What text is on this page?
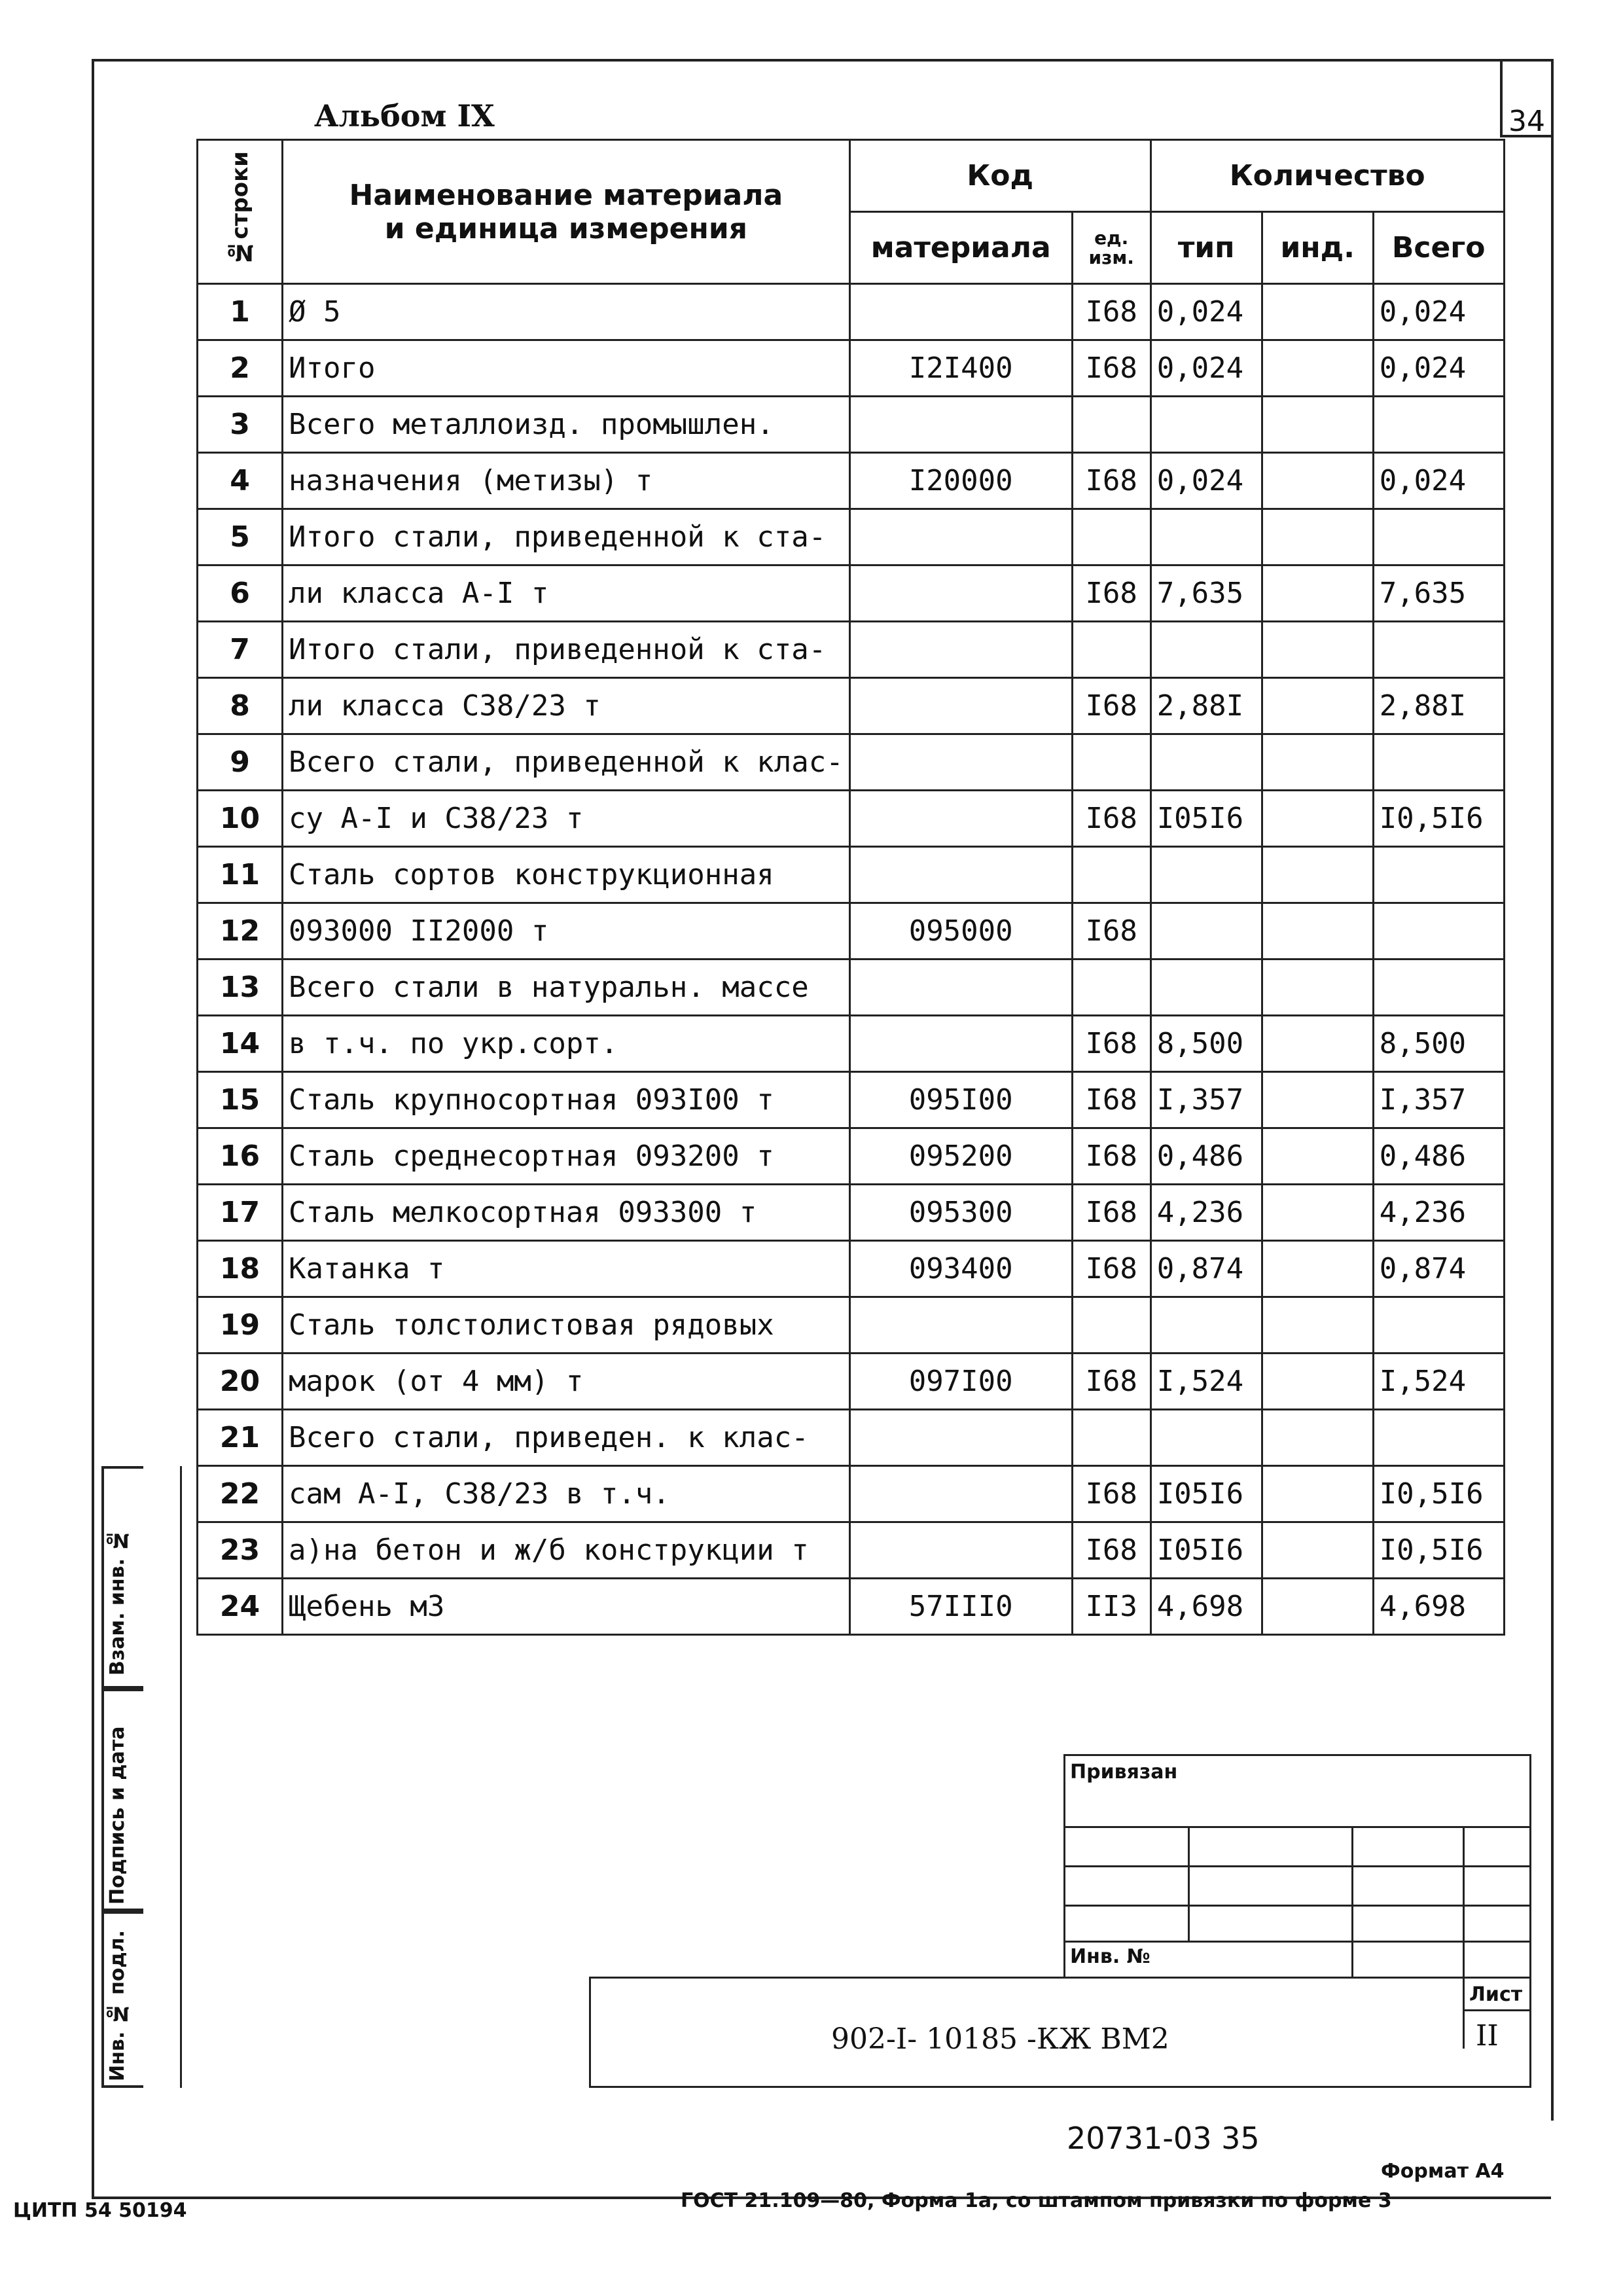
Альбом IX	34
№строки	Наименование материала
и единица измерения	Код		Количество		
		материала	ед. изм.	тип	инд.	Всего
1	Ø 5		I68	0,024		0,024
2	Итого	I2I400	I68	0,024		0,024
3	Всего металлоизд. промышлен.					
4	назначения (метизы) т	I20000	I68	0,024		0,024
5	Итого стали, приведенной к ста-					
6	ли класса А-I т		I68	7,635		7,635
7	Итого стали, приведенной к ста-					
8	ли класса С38/23 т		I68	2,88I		2,88I
9	Всего стали, приведенной к клас-					
10	су А-I и С38/23 т		I68	I05I6		I0,5I6
11	Сталь сортов конструкционная					
12	093000 II2000 т	095000	I68			
13	Всего стали в натуральн. массе					
14	в т.ч. по укр.сорт.		I68	8,500		8,500
15	Сталь крупносортная 093I00 т	095I00	I68	I,357		I,357
16	Сталь среднесортная 093200 т	095200	I68	0,486		0,486
17	Сталь мелкосортная 093300 т	095300	I68	4,236		4,236
18	Катанка т	093400	I68	0,874		0,874
19	Сталь толстолистовая рядовых					
20	марок (от 4 мм) т	097I00	I68	I,524		I,524
21	Всего стали, приведен. к клас-					
22	сам А-I, С38/23 в т.ч.		I68	I05I6		I0,5I6
23	а)на бетон и ж/б конструкции т		I68	I05I6		I0,5I6
24	Щебень м3	57III0	II3	4,698		4,698
Взам. инв. №
Подпись и дата
Инв. № подл.
Привязан
Инв. №
902-I- 10185 -КЖ ВМ2
Лист
II
20731-03 35
Формат А4
ЦИТП 54 50194	ГОСТ 21.109—80, Форма 1а, со штампом привязки по форме 3
